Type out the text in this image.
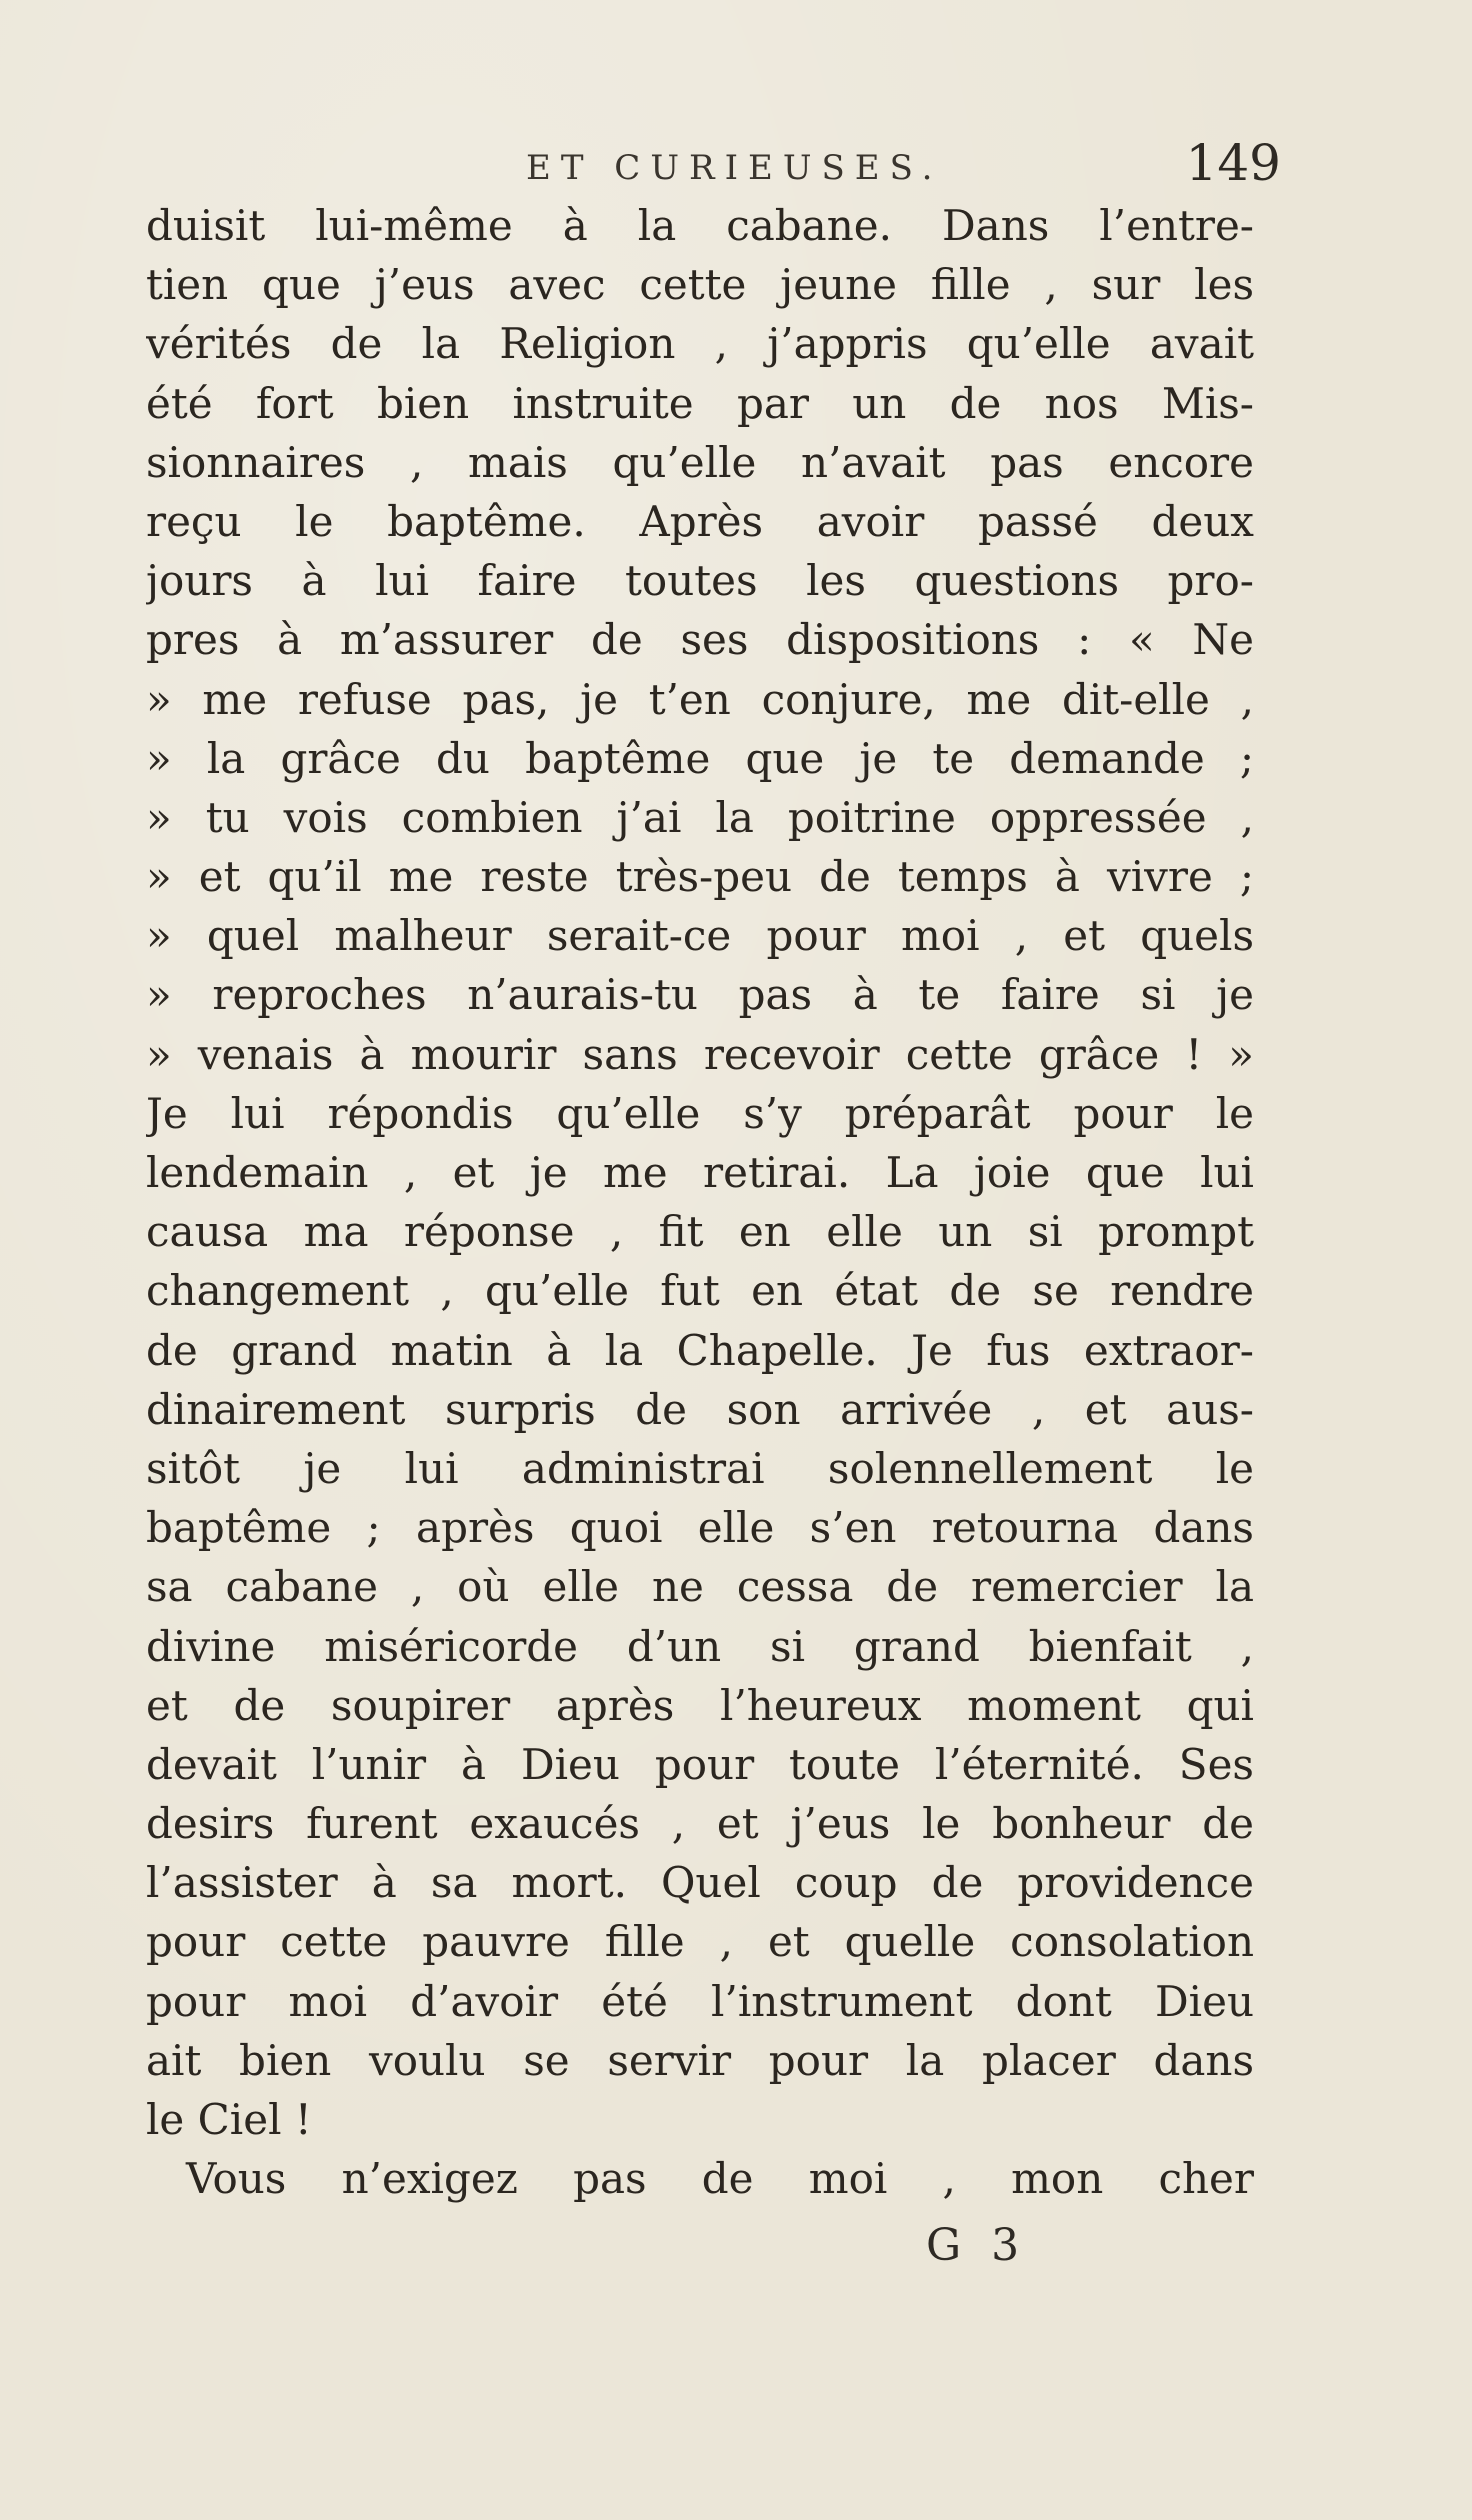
ET CURIEUSES.	149
duisit lui-même à la cabane. Dans l’entre-
tien que j’eus avec cette jeune fille , sur les
vérités de la Religion , j’appris qu’elle avait
été fort bien instruite par un de nos Mis-
sionnaires , mais qu’elle n’avait pas encore
reçu le baptême. Après avoir passé deux
jours à lui faire toutes les questions pro-
pres à m’assurer de ses dispositions : « Ne
» me refuse pas, je t’en conjure, me dit-elle ,
» la grâce du baptême que je te demande ;
» tu vois combien j’ai la poitrine oppressée ,
» et qu’il me reste très-peu de temps à vivre ;
» quel malheur serait-ce pour moi , et quels
» reproches n’aurais-tu pas à te faire si je
» venais à mourir sans recevoir cette grâce ! »
Je lui répondis qu’elle s’y préparât pour le
lendemain , et je me retirai. La joie que lui
causa ma réponse , fit en elle un si prompt
changement , qu’elle fut en état de se rendre
de grand matin à la Chapelle. Je fus extraor-
dinairement surpris de son arrivée , et aus-
sitôt je lui administrai solennellement le
baptême ; après quoi elle s’en retourna dans
sa cabane , où elle ne cessa de remercier la
divine miséricorde d’un si grand bienfait ,
et de soupirer après l’heureux moment qui
devait l’unir à Dieu pour toute l’éternité. Ses
desirs furent exaucés , et j’eus le bonheur de
l’assister à sa mort. Quel coup de providence
pour cette pauvre fille , et quelle consolation
pour moi d’avoir été l’instrument dont Dieu
ait bien voulu se servir pour la placer dans
le Ciel !
Vous n’exigez pas de moi , mon cher
G 3
